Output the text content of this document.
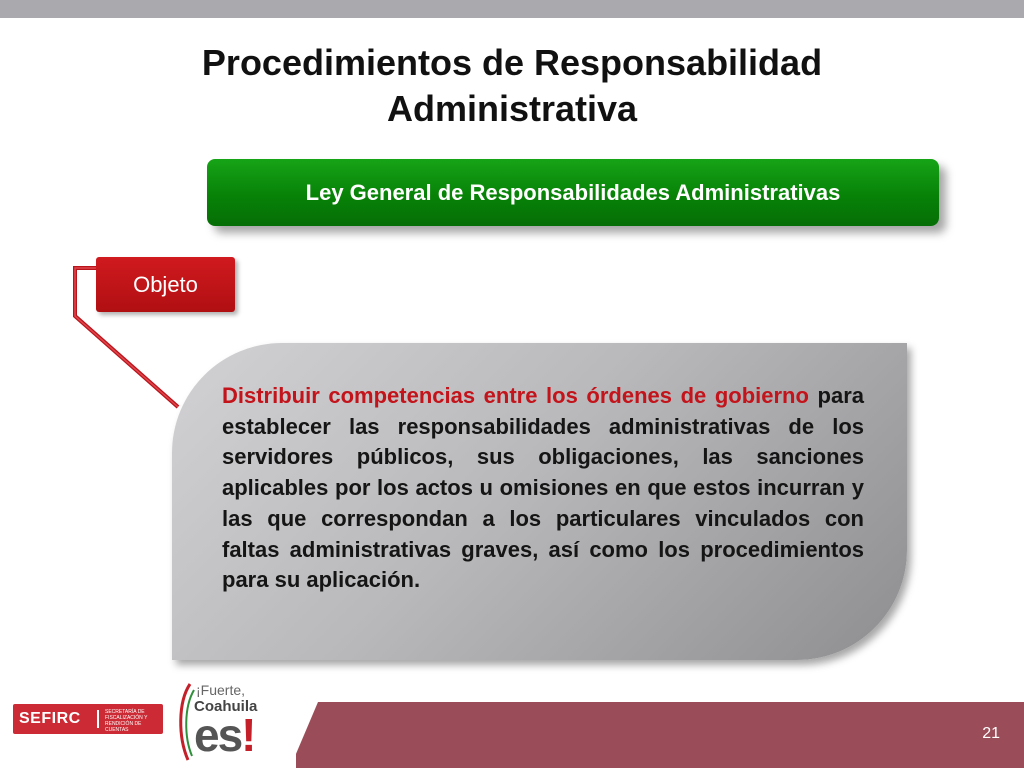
Procedimientos de Responsabilidad Administrativa
Ley General de Responsabilidades Administrativas
Objeto

Distribuir competencias entre los órdenes de gobierno para establecer las responsabilidades administrativas de los servidores públicos, sus obligaciones, las sanciones aplicables por los actos u omisiones en que estos incurran y las que correspondan a los particulares vinculados con faltas administrativas graves, así como los procedimientos para su aplicación.

21
SEFIRC	SECRETARÍA DE FISCALIZACIÓN Y RENDICIÓN DE CUENTAS
¡Fuerte,
Coahuila
es!
